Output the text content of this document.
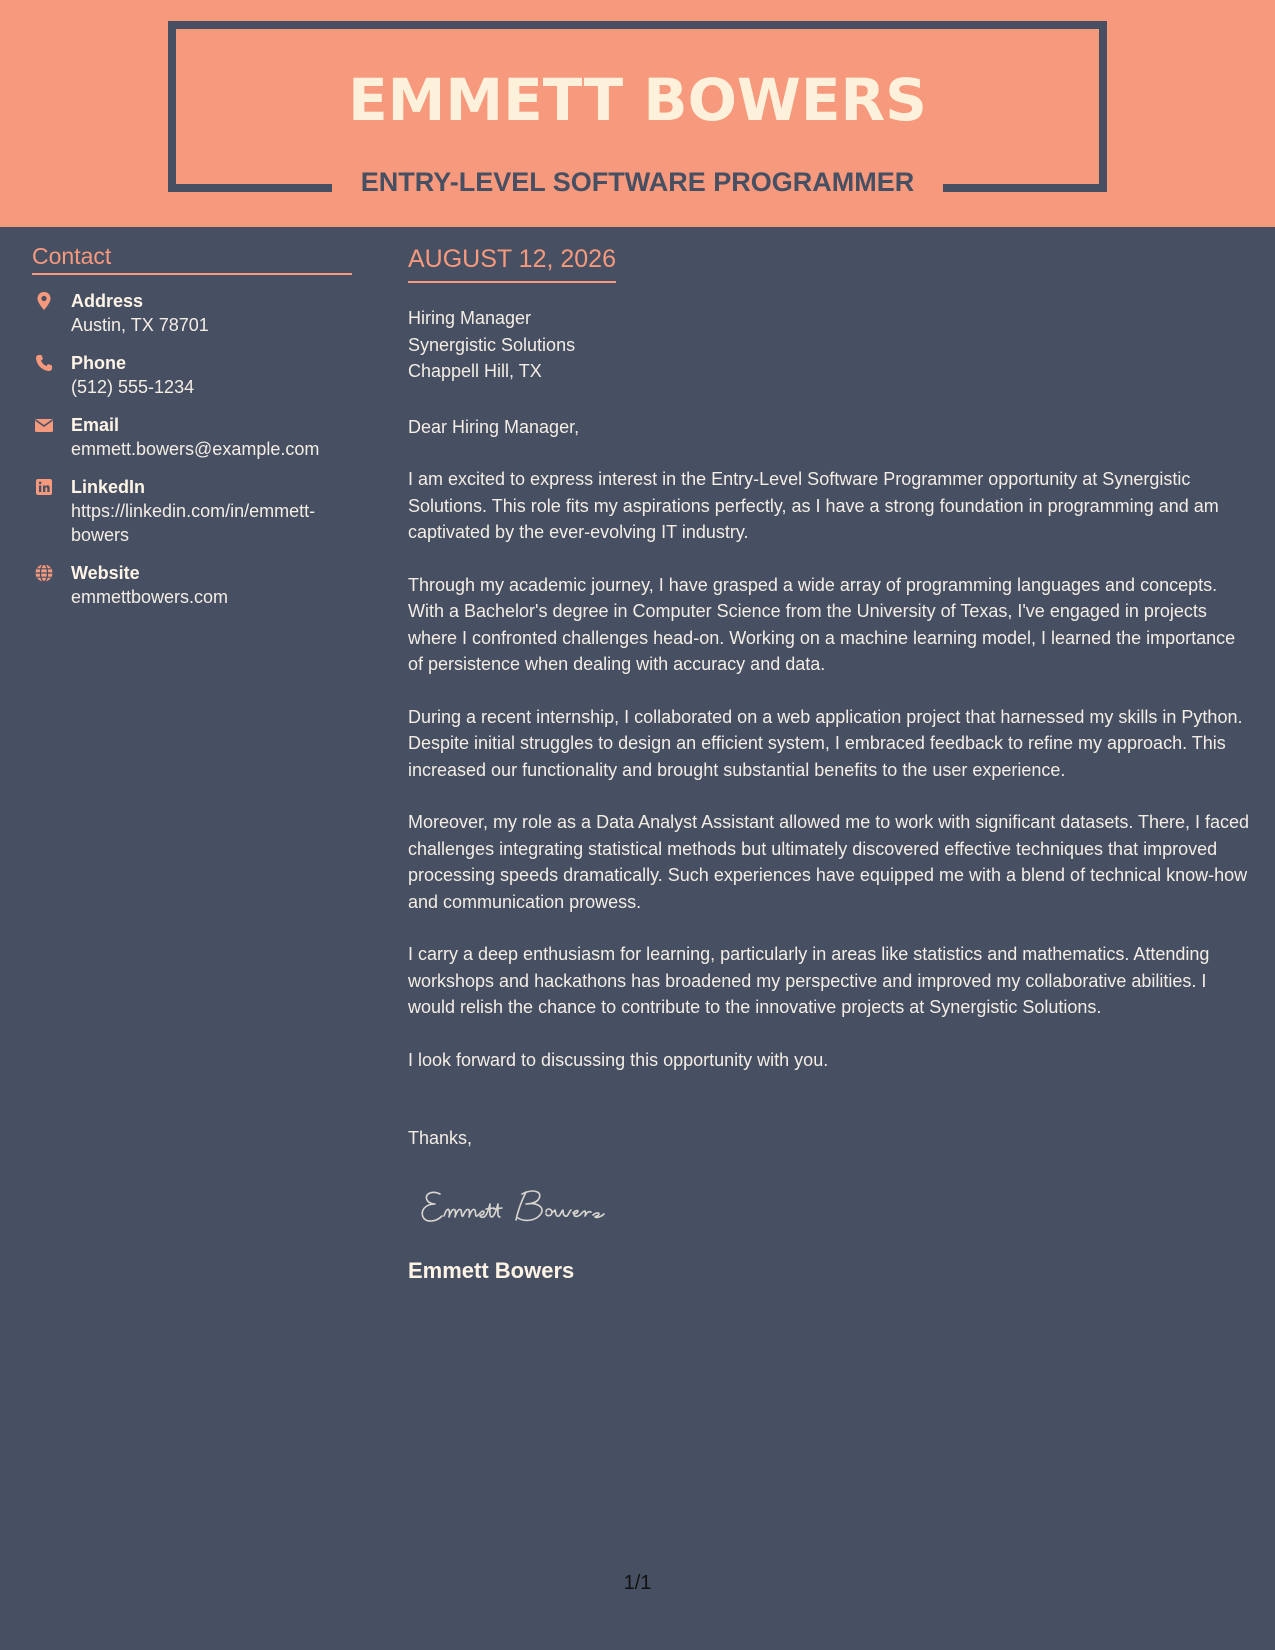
EMMETT BOWERS
ENTRY-LEVEL SOFTWARE PROGRAMMER
Contact
Address
Austin, TX 78701
Phone
(512) 555-1234
Email
emmett.bowers@example.com
LinkedIn
https://linkedin.com/in/emmett-bowers
Website
emmettbowers.com
AUGUST 12, 2026
Hiring Manager
Synergistic Solutions
Chappell Hill, TX
Dear Hiring Manager,
I am excited to express interest in the Entry-Level Software Programmer opportunity at Synergistic Solutions. This role fits my aspirations perfectly, as I have a strong foundation in programming and am captivated by the ever-evolving IT industry.
Through my academic journey, I have grasped a wide array of programming languages and concepts. With a Bachelor's degree in Computer Science from the University of Texas, I've engaged in projects where I confronted challenges head-on. Working on a machine learning model, I learned the importance of persistence when dealing with accuracy and data.
During a recent internship, I collaborated on a web application project that harnessed my skills in Python. Despite initial struggles to design an efficient system, I embraced feedback to refine my approach. This increased our functionality and brought substantial benefits to the user experience.
Moreover, my role as a Data Analyst Assistant allowed me to work with significant datasets. There, I faced challenges integrating statistical methods but ultimately discovered effective techniques that improved processing speeds dramatically. Such experiences have equipped me with a blend of technical know-how and communication prowess.
I carry a deep enthusiasm for learning, particularly in areas like statistics and mathematics. Attending workshops and hackathons has broadened my perspective and improved my collaborative abilities. I would relish the chance to contribute to the innovative projects at Synergistic Solutions.
I look forward to discussing this opportunity with you.
Thanks,
Emmett Bowers
1/1
